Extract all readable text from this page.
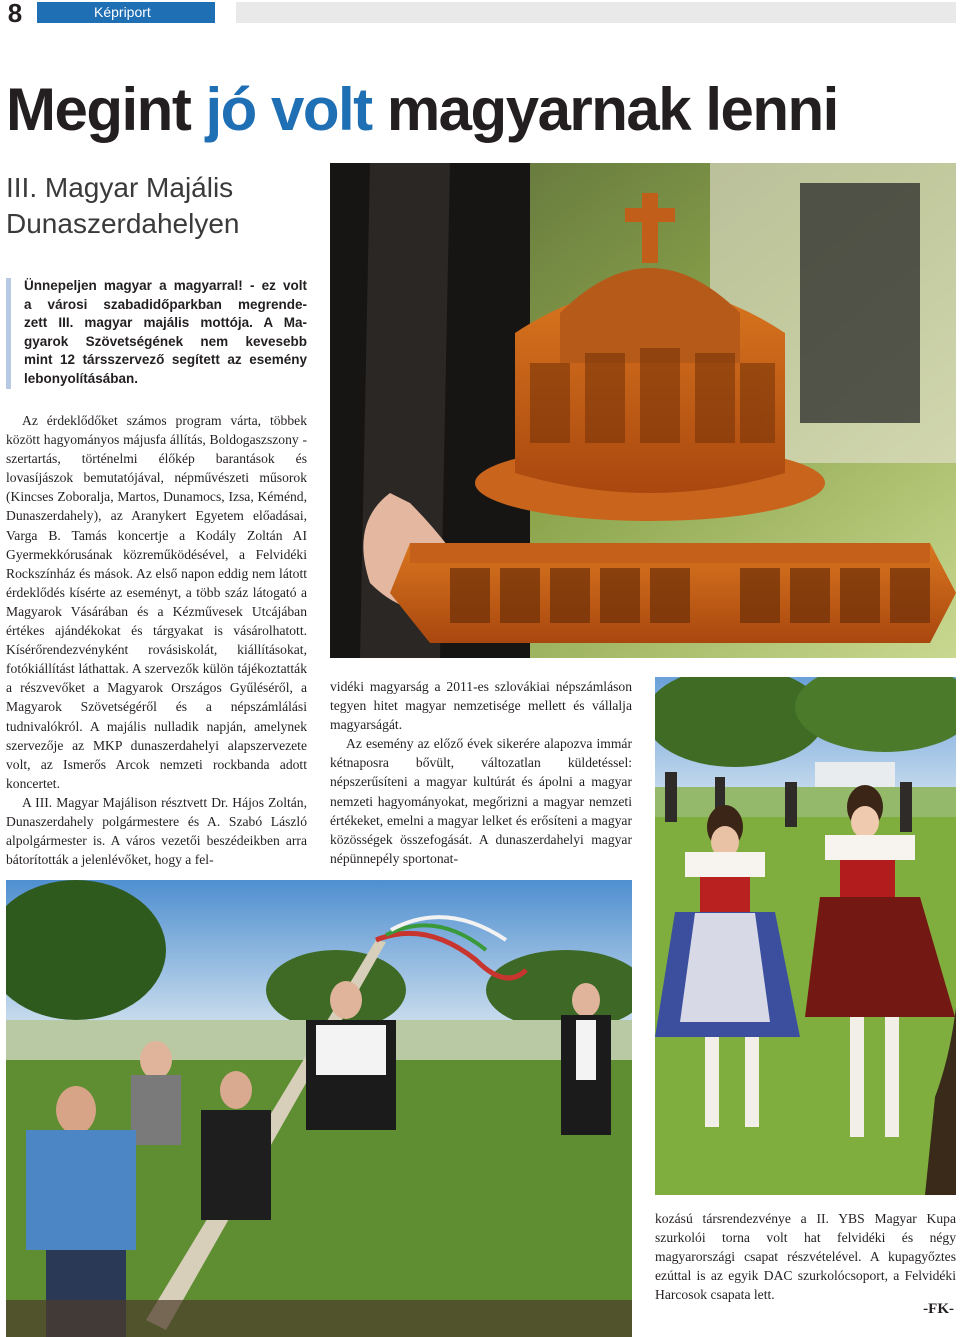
8	Képriport
Megint jó volt magyarnak lenni
III. Magyar Majális
Dunaszerdahelyen
Ünnepeljen magyar a magyarral! - ez volt
a városi szabadidőparkban megrende-
zett III. magyar majális mottója. A Ma-
gyarok Szövetségének nem kevesebb
mint 12 társszervező segített az esemény
lebonyolításában.

Az érdeklődőket számos program várta, többek között hagyományos májusfa állítás, Boldogaszszony - szertartás, történelmi élőkép barantások és lovasíjászok bemutatójával, népművészeti műsorok (Kincses Zoboralja, Martos, Dunamocs, Izsa, Kéménd, Dunaszerdahely), az Aranykert Egyetem előadásai, Varga B. Tamás koncertje a Kodály Zoltán AI Gyermekkórusának közreműködésével, a Felvidéki Rockszínház és mások. Az első napon eddig nem látott érdeklődés kísérte az eseményt, a több száz látogató a Magyarok Vásárában és a Kézművesek Utcájában értékes ajándékokat és tárgyakat is vásárolhatott. Kísérőrendezvényként rovásiskolát, kiállításokat, fotókiállítást láthattak. A szervezők külön tájékoztatták a részvevőket a Magyarok Országos Gyűléséről, a Magyarok Szövetségéről és a népszámlálási tudnivalókról. A majális nulladik napján, amelynek szervezője az MKP dunaszerdahelyi alapszervezete volt, az Ismerős Arcok nemzeti rockbanda adott koncertet.

A III. Magyar Majálison résztvett Dr. Hájos Zoltán, Dunaszerdahely polgármestere és A. Szabó László alpolgármester is. A város vezetői beszédeikben arra bátorították a jelenlévőket, hogy a fel-

vidéki magyarság a 2011-es szlovákiai népszámláson tegyen hitet magyar nemzetisége mellett és vállalja magyarságát.

Az esemény az előző évek sikerére alapozva immár kétnaposra bővült, változatlan küldetéssel: népszerűsíteni a magyar kultúrát és ápolni a magyar nemzeti hagyományokat, megőrizni a magyar nemzeti értékeket, emelni a magyar lelket és erősíteni a magyar közösségek összefogását. A dunaszerdahelyi magyar népünnepély sportonat-

kozású társrendezvénye a II. YBS Magyar Kupa szurkolói torna volt hat felvidéki és négy magyarországi csapat részvételével. A kupagyőztes ezúttal is az egyik DAC szurkolócsoport, a Felvidéki Harcosok csapata lett.

-FK-
